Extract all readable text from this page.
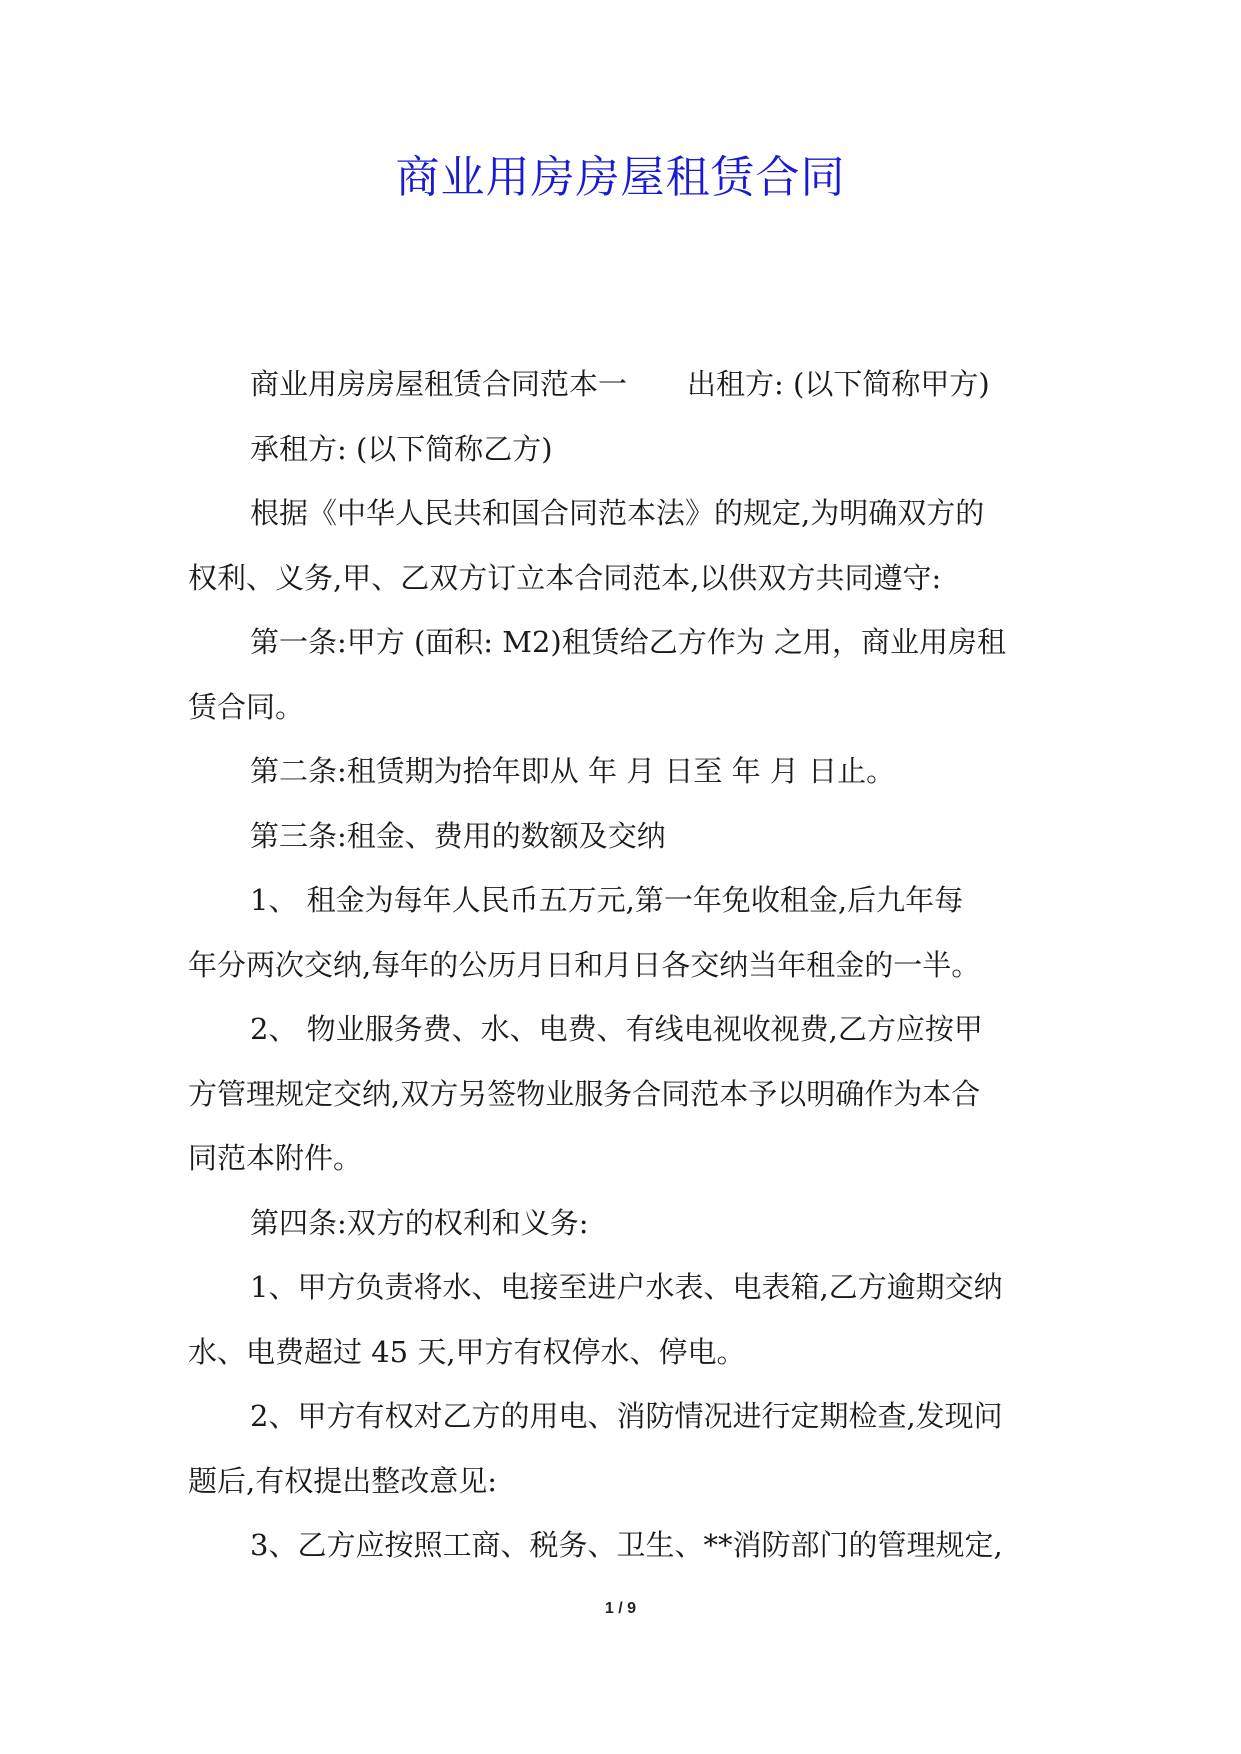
商业用房房屋租赁合同
商业用房房屋租赁合同范本一 出租方: (以下简称甲方)
承租方: (以下简称乙方)
根据《中华人民共和国合同范本法》的规定,为明确双方的
权利、义务,甲、乙双方订立本合同范本,以供双方共同遵守:
第一条:甲方 (面积: M2)租赁给乙方作为 之用，商业用房租
赁合同。
第二条:租赁期为拾年即从 年 月 日至 年 月 日止。
第三条:租金、费用的数额及交纳
1、 租金为每年人民币五万元,第一年免收租金,后九年每
年分两次交纳,每年的公历月日和月日各交纳当年租金的一半。
2、 物业服务费、水、电费、有线电视收视费,乙方应按甲
方管理规定交纳,双方另签物业服务合同范本予以明确作为本合
同范本附件。
第四条:双方的权利和义务:
1、甲方负责将水、电接至进户水表、电表箱,乙方逾期交纳
水、电费超过 45 天,甲方有权停水、停电。
2、甲方有权对乙方的用电、消防情况进行定期检查,发现问
题后,有权提出整改意见:
3、乙方应按照工商、税务、卫生、**消防部门的管理规定,
1 / 9
